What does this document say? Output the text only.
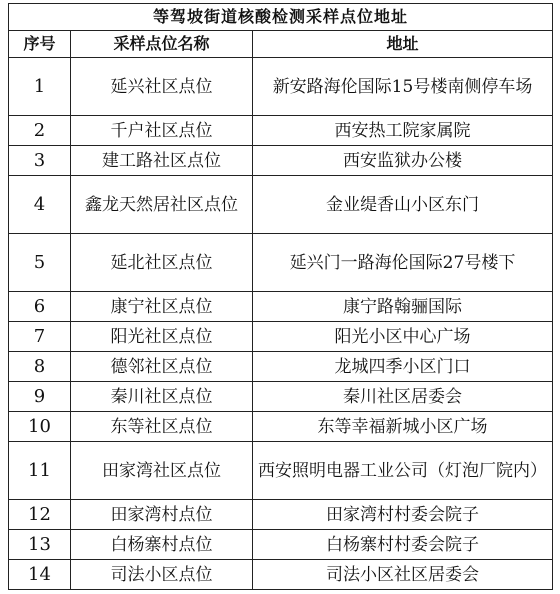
等驾坡街道核酸检测采样点位地址		
序号	采样点位名称	地址
1	延兴社区点位	新安路海伦国际15号楼南侧停车场
2	千户社区点位	西安热工院家属院
3	建工路社区点位	西安监狱办公楼
4	鑫龙天然居社区点位	金业缇香山小区东门
5	延北社区点位	延兴门一路海伦国际27号楼下
6	康宁社区点位	康宁路翰骊国际
7	阳光社区点位	阳光小区中心广场
8	德邻社区点位	龙城四季小区门口
9	秦川社区点位	秦川社区居委会
10	东等社区点位	东等幸福新城小区广场
11	田家湾社区点位	西安照明电器工业公司（灯泡厂院内）
12	田家湾村点位	田家湾村村委会院子
13	白杨寨村点位	白杨寨村村委会院子
14	司法小区点位	司法小区社区居委会
